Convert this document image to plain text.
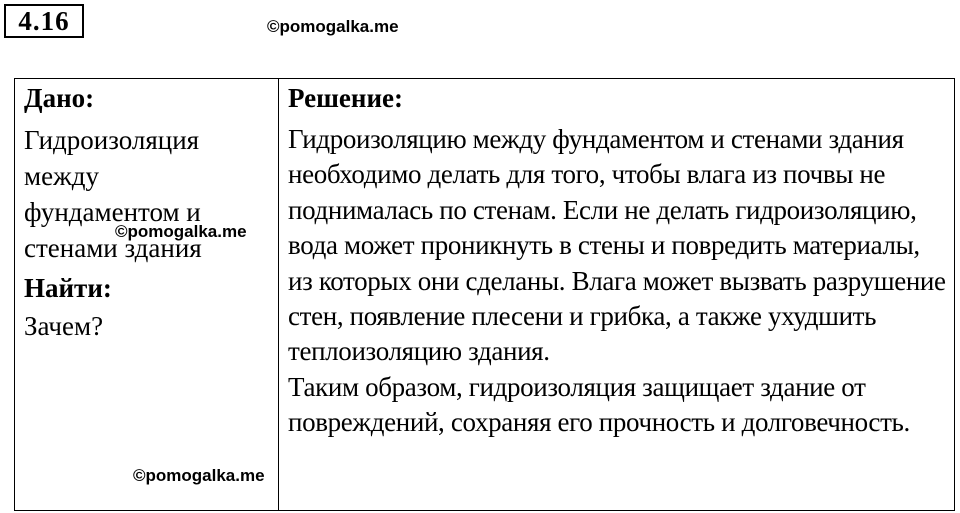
4.16	©pomogalka.me
Дано:
Гидроизоляция
между
фундаментом и
стенами здания
Найти:
Зачем?
Решение:

Гидроизоляцию между фундаментом и стенами здания необходимо делать для того, чтобы влага из почвы не поднималась по стенам. Если не делать гидроизоляцию, вода может проникнуть в стены и повредить материалы, из которых они сделаны. Влага может вызвать разрушение стен, появление плесени и грибка, а также ухудшить теплоизоляцию здания.

Таким образом, гидроизоляция защищает здание от повреждений, сохраняя его прочность и долговечность.

©pomogalka.me
©pomogalka.me
